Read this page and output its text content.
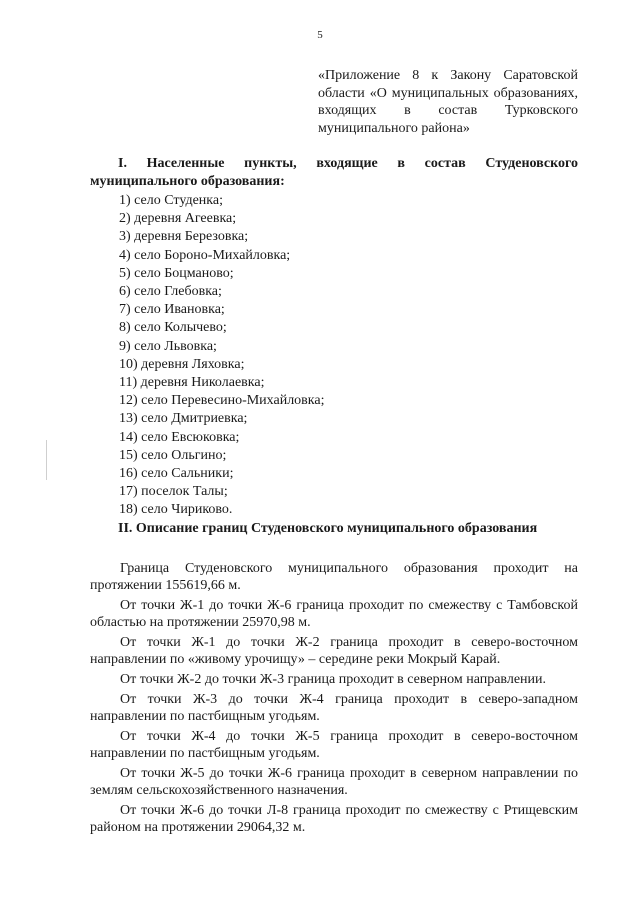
5
«Приложение 8 к Закону Саратовской области «О муниципальных образованиях, входящих в состав Турковского муниципального района»
I. Населенные пункты, входящие в состав Студеновского муниципального образования:
1) село Студенка;
2) деревня Агеевка;
3) деревня Березовка;
4) село Бороно-Михайловка;
5) село Боцманово;
6) село Глебовка;
7) село Ивановка;
8) село Колычево;
9) село Львовка;
10) деревня Ляховка;
11) деревня Николаевка;
12) село Перевесино-Михайловка;
13) село Дмитриевка;
14) село Евсюковка;
15) село Ольгино;
16) село Сальники;
17) поселок Талы;
18) село Чириково.
II. Описание границ Студеновского муниципального образования

Граница Студеновского муниципального образования проходит на протяжении 155619,66 м.

От точки Ж-1 до точки Ж-6 граница проходит по смежеству с Тамбовской областью на протяжении 25970,98 м.

От точки Ж-1 до точки Ж-2 граница проходит в северо-восточном направлении по «живому урочищу» – середине реки Мокрый Карай.

От точки Ж-2 до точки Ж-3 граница проходит в северном направлении.

От точки Ж-3 до точки Ж-4 граница проходит в северо-западном направлении по пастбищным угодьям.

От точки Ж-4 до точки Ж-5 граница проходит в северо-восточном направлении по пастбищным угодьям.

От точки Ж-5 до точки Ж-6 граница проходит в северном направлении по землям сельскохозяйственного назначения.

От точки Ж-6 до точки Л-8 граница проходит по смежеству с Ртищевским районом на протяжении 29064,32 м.
